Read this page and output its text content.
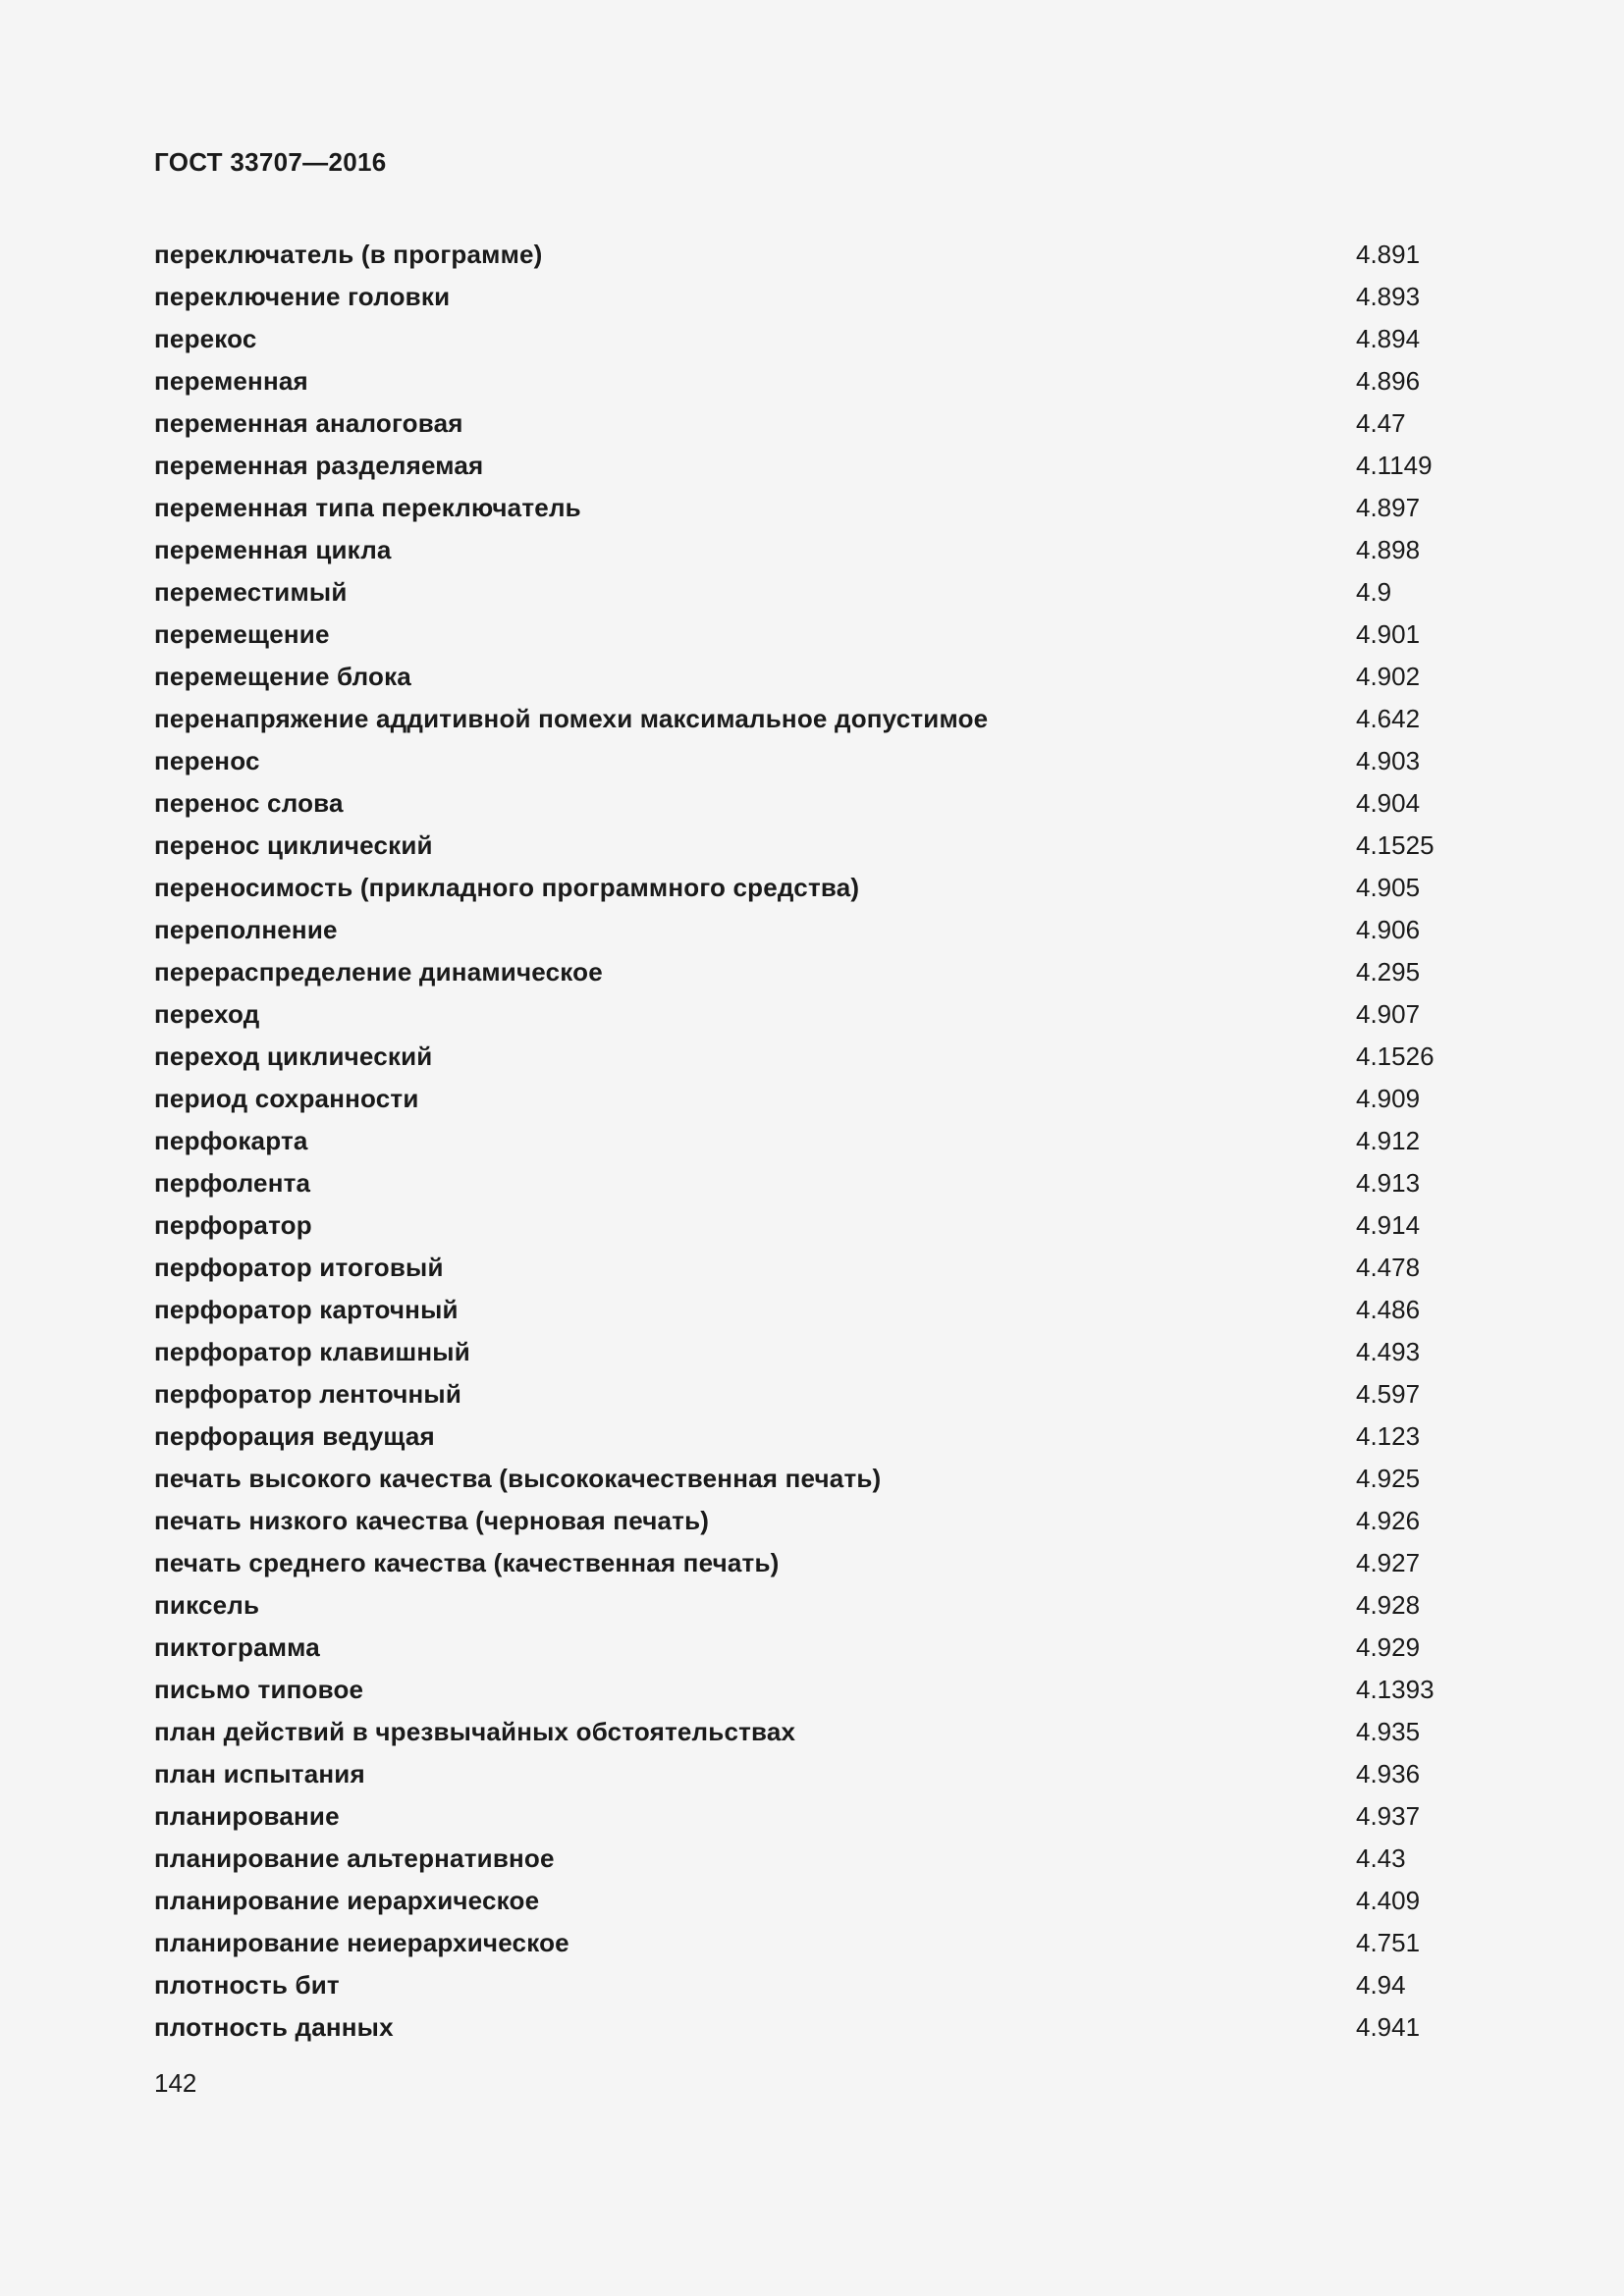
ГОСТ 33707—2016
переключатель (в программе)	4.891
переключение головки	4.893
перекос	4.894
переменная	4.896
переменная аналоговая	4.47
переменная разделяемая	4.1149
переменная типа переключатель	4.897
переменная цикла	4.898
переместимый	4.9
перемещение	4.901
перемещение блока	4.902
перенапряжение аддитивной помехи максимальное допустимое	4.642
перенос	4.903
перенос слова	4.904
перенос циклический	4.1525
переносимость (прикладного программного средства)	4.905
переполнение	4.906
перераспределение динамическое	4.295
переход	4.907
переход циклический	4.1526
период сохранности	4.909
перфокарта	4.912
перфолента	4.913
перфоратор	4.914
перфоратор итоговый	4.478
перфоратор карточный	4.486
перфоратор клавишный	4.493
перфоратор ленточный	4.597
перфорация ведущая	4.123
печать высокого качества (высококачественная печать)	4.925
печать низкого качества (черновая печать)	4.926
печать среднего качества (качественная печать)	4.927
пиксель	4.928
пиктограмма	4.929
письмо типовое	4.1393
план действий в чрезвычайных обстоятельствах	4.935
план испытания	4.936
планирование	4.937
планирование альтернативное	4.43
планирование иерархическое	4.409
планирование неиерархическое	4.751
плотность бит	4.94
плотность данных	4.941
142
